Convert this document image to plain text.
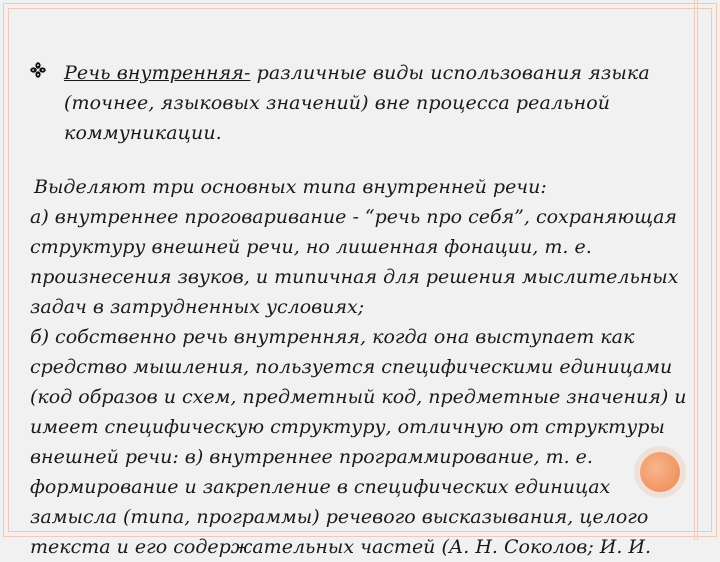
Речь внутренняя- различные виды использования языка
(точнее, языковых значений) вне процесса реальной
коммуникации.
Выделяют три основных типа внутренней речи:
а) внутреннее проговаривание - “речь про себя”, сохраняющая
структуру внешней речи, но лишенная фонации, т. е.
произнесения звуков, и типичная для решения мыслительных
задач в затрудненных условиях;
б) собственно речь внутренняя, когда она выступает как
средство мышления, пользуется специфическими единицами
(код образов и схем, предметный код, предметные значения) и
имеет специфическую структуру, отличную от структуры
внешней речи: в) внутреннее программирование, т. е.
формирование и закрепление в специфических единицах
замысла (типа, программы) речевого высказывания, целого
текста и его содержательных частей (А. Н. Соколов; И. И.
